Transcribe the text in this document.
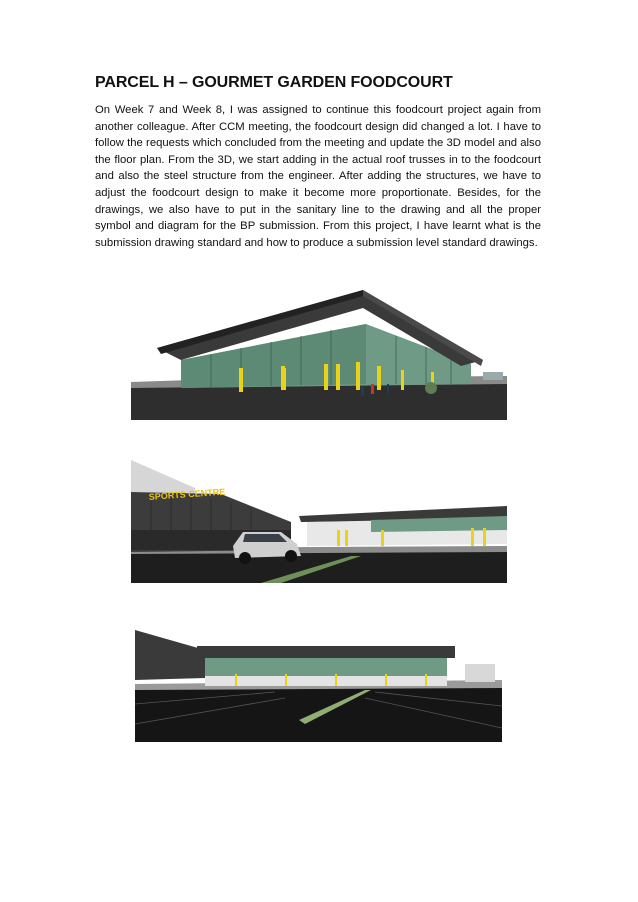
PARCEL H – GOURMET GARDEN FOODCOURT

On Week 7 and Week 8, I was assigned to continue this foodcourt project again from another colleague. After CCM meeting, the foodcourt design did changed a lot. I have to follow the requests which concluded from the meeting and update the 3D model and also the floor plan. From the 3D, we start adding in the actual roof trusses in to the foodcourt and also the steel structure from the engineer. After adding the structures, we have to adjust the foodcourt design to make it become more proportionate. Besides, for the drawings, we also have to put in the sanitary line to the drawing and all the proper symbol and diagram for the BP submission. From this project, I have learnt what is the submission drawing standard and how to produce a submission level standard drawings.

SPORTS CENTRE
